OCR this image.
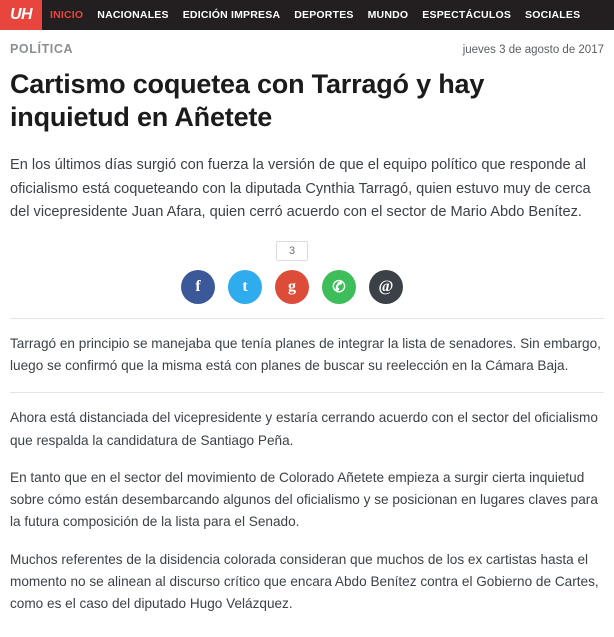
UH	INICIO NACIONALES EDICIÓN IMPRESA DEPORTES MUNDO ESPECTÁCULOS SOCIALES
POLÍTICA	jueves 3 de agosto de 2017
Cartismo coquetea con Tarragó y hay inquietud en Añetete

En los últimos días surgió con fuerza la versión de que el equipo político que responde al oficialismo está coqueteando con la diputada Cynthia Tarragó, quien estuvo muy de cerca del vicepresidente Juan Afara, quien cerró acuerdo con el sector de Mario Abdo Benítez.

3
f	t	g	✆	@

Tarragó en principio se manejaba que tenía planes de integrar la lista de senadores. Sin embargo, luego se confirmó que la misma está con planes de buscar su reelección en la Cámara Baja.

Ahora está distanciada del vicepresidente y estaría cerrando acuerdo con el sector del oficialismo que respalda la candidatura de Santiago Peña.

En tanto que en el sector del movimiento de Colorado Añetete empieza a surgir cierta inquietud sobre cómo están desembarcando algunos del oficialismo y se posicionan en lugares claves para la futura composición de la lista para el Senado.

Muchos referentes de la disidencia colorada consideran que muchos de los ex cartistas hasta el momento no se alinean al discurso crítico que encara Abdo Benítez contra el Gobierno de Cartes, como es el caso del diputado Hugo Velázquez.
